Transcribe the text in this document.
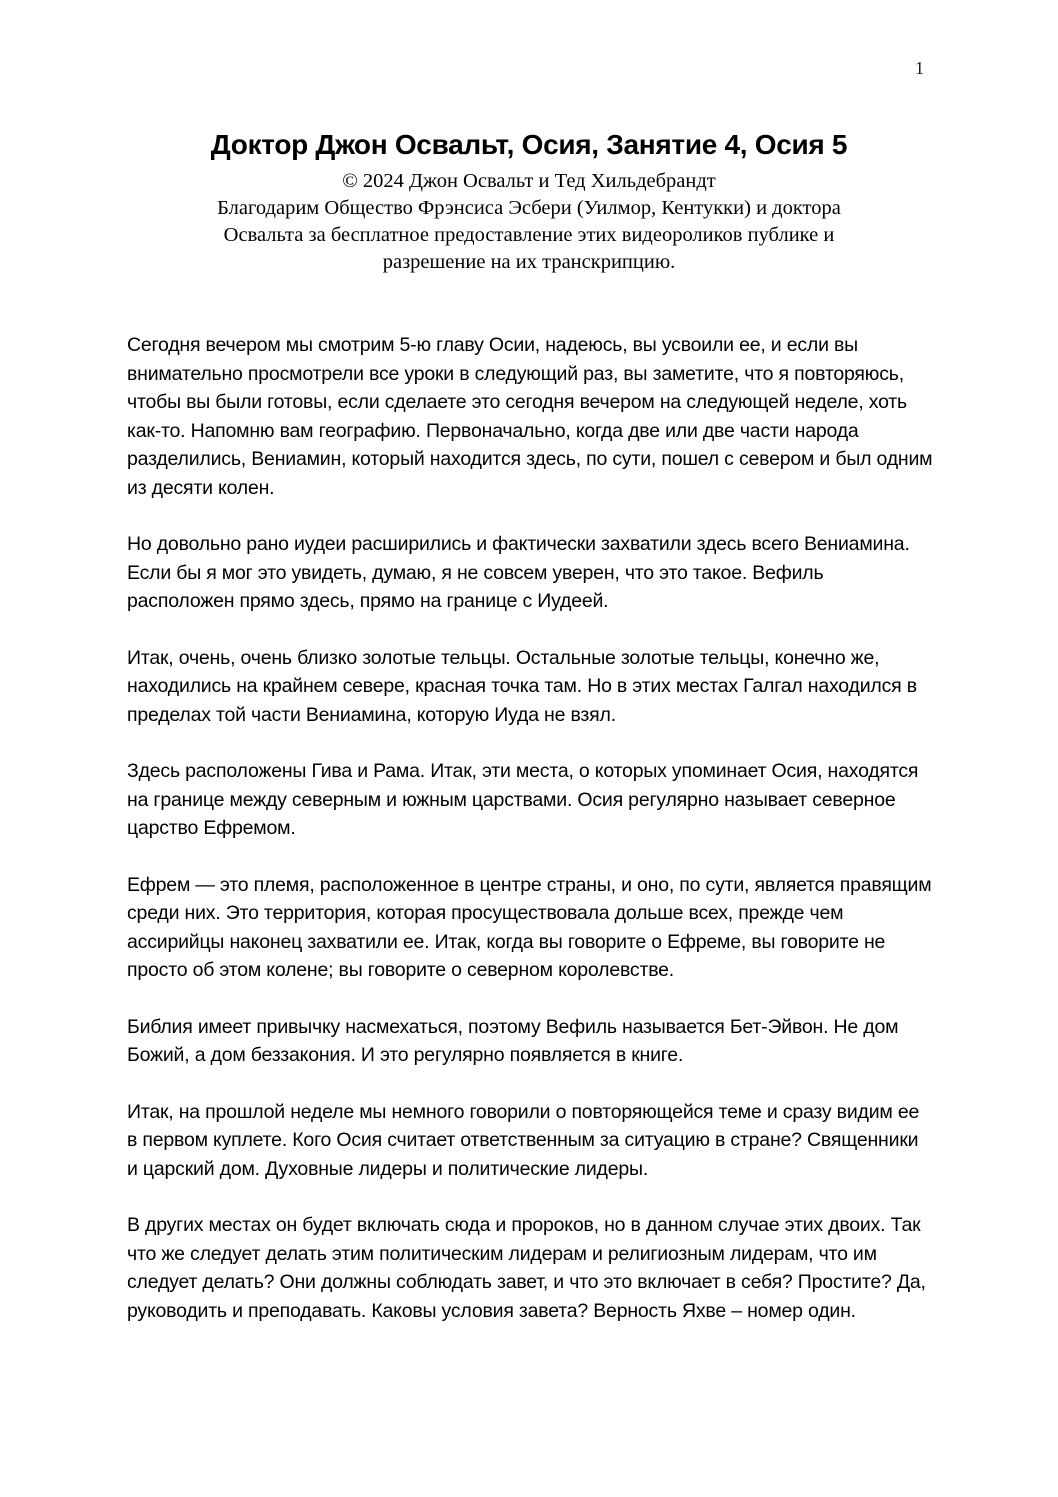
1
Доктор Джон Освальт, Осия, Занятие 4, Осия 5
© 2024 Джон Освальт и Тед Хильдебрандт
Благодарим Общество Фрэнсиса Эсбери (Уилмор, Кентукки) и доктора
Освальта за бесплатное предоставление этих видеороликов публике и
разрешение на их транскрипцию.

Сегодня вечером мы смотрим 5-ю главу Осии, надеюсь, вы усвоили ее, и если вы внимательно просмотрели все уроки в следующий раз, вы заметите, что я повторяюсь, чтобы вы были готовы, если сделаете это сегодня вечером на следующей неделе, хоть как-то. Напомню вам географию. Первоначально, когда две или две части народа разделились, Вениамин, который находится здесь, по сути, пошел с севером и был одним из десяти колен.

Но довольно рано иудеи расширились и фактически захватили здесь всего Вениамина. Если бы я мог это увидеть, думаю, я не совсем уверен, что это такое. Вефиль расположен прямо здесь, прямо на границе с Иудеей.

Итак, очень, очень близко золотые тельцы. Остальные золотые тельцы, конечно же, находились на крайнем севере, красная точка там. Но в этих местах Галгал находился в пределах той части Вениамина, которую Иуда не взял.

Здесь расположены Гива и Рама. Итак, эти места, о которых упоминает Осия, находятся на границе между северным и южным царствами. Осия регулярно называет северное царство Ефремом.

Ефрем — это племя, расположенное в центре страны, и оно, по сути, является правящим среди них. Это территория, которая просуществовала дольше всех, прежде чем ассирийцы наконец захватили ее. Итак, когда вы говорите о Ефреме, вы говорите не просто об этом колене; вы говорите о северном королевстве.

Библия имеет привычку насмехаться, поэтому Вефиль называется Бет-Эйвон. Не дом Божий, а дом беззакония. И это регулярно появляется в книге.

Итак, на прошлой неделе мы немного говорили о повторяющейся теме и сразу видим ее в первом куплете. Кого Осия считает ответственным за ситуацию в стране? Священники и царский дом. Духовные лидеры и политические лидеры.

В других местах он будет включать сюда и пророков, но в данном случае этих двоих. Так что же следует делать этим политическим лидерам и религиозным лидерам, что им следует делать? Они должны соблюдать завет, и что это включает в себя? Простите? Да, руководить и преподавать. Каковы условия завета? Верность Яхве – номер один.
